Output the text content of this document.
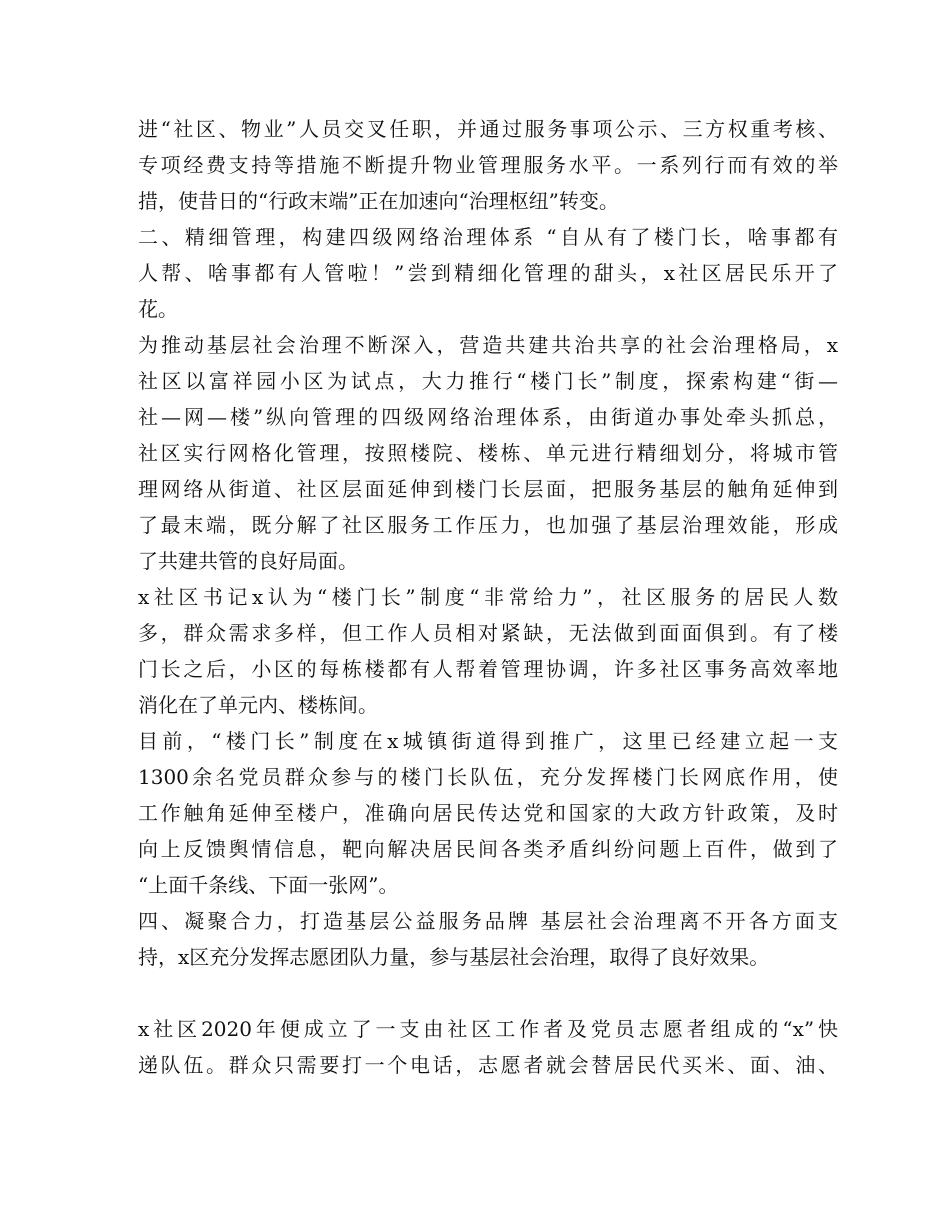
进“社区、物业”人员交叉任职，并通过服务事项公示、三方权重考核、
专项经费支持等措施不断提升物业管理服务水平。一系列行而有效的举
措，使昔日的“行政末端”正在加速向“治理枢纽”转变。
二、精细管理，构建四级网络治理体系 “自从有了楼门长，啥事都有
人帮、啥事都有人管啦！”尝到精细化管理的甜头，x社区居民乐开了
花。
为推动基层社会治理不断深入，营造共建共治共享的社会治理格局，x
社区以富祥园小区为试点，大力推行“楼门长”制度，探索构建“街—
社—网—楼”纵向管理的四级网络治理体系，由街道办事处牵头抓总，
社区实行网格化管理，按照楼院、楼栋、单元进行精细划分，将城市管
理网络从街道、社区层面延伸到楼门长层面，把服务基层的触角延伸到
了最末端，既分解了社区服务工作压力，也加强了基层治理效能，形成
了共建共管的良好局面。
x社区书记x认为“楼门长”制度“非常给力”，社区服务的居民人数
多，群众需求多样，但工作人员相对紧缺，无法做到面面俱到。有了楼
门长之后，小区的每栋楼都有人帮着管理协调，许多社区事务高效率地
消化在了单元内、楼栋间。
目前，“楼门长”制度在x城镇街道得到推广，这里已经建立起一支
1300余名党员群众参与的楼门长队伍，充分发挥楼门长网底作用，使
工作触角延伸至楼户，准确向居民传达党和国家的大政方针政策，及时
向上反馈舆情信息，靶向解决居民间各类矛盾纠纷问题上百件，做到了
“上面千条线、下面一张网”。
四、凝聚合力，打造基层公益服务品牌 基层社会治理离不开各方面支
持，x区充分发挥志愿团队力量，参与基层社会治理，取得了良好效果。
x社区2020年便成立了一支由社区工作者及党员志愿者组成的“x”快
递队伍。群众只需要打一个电话，志愿者就会替居民代买米、面、油、
